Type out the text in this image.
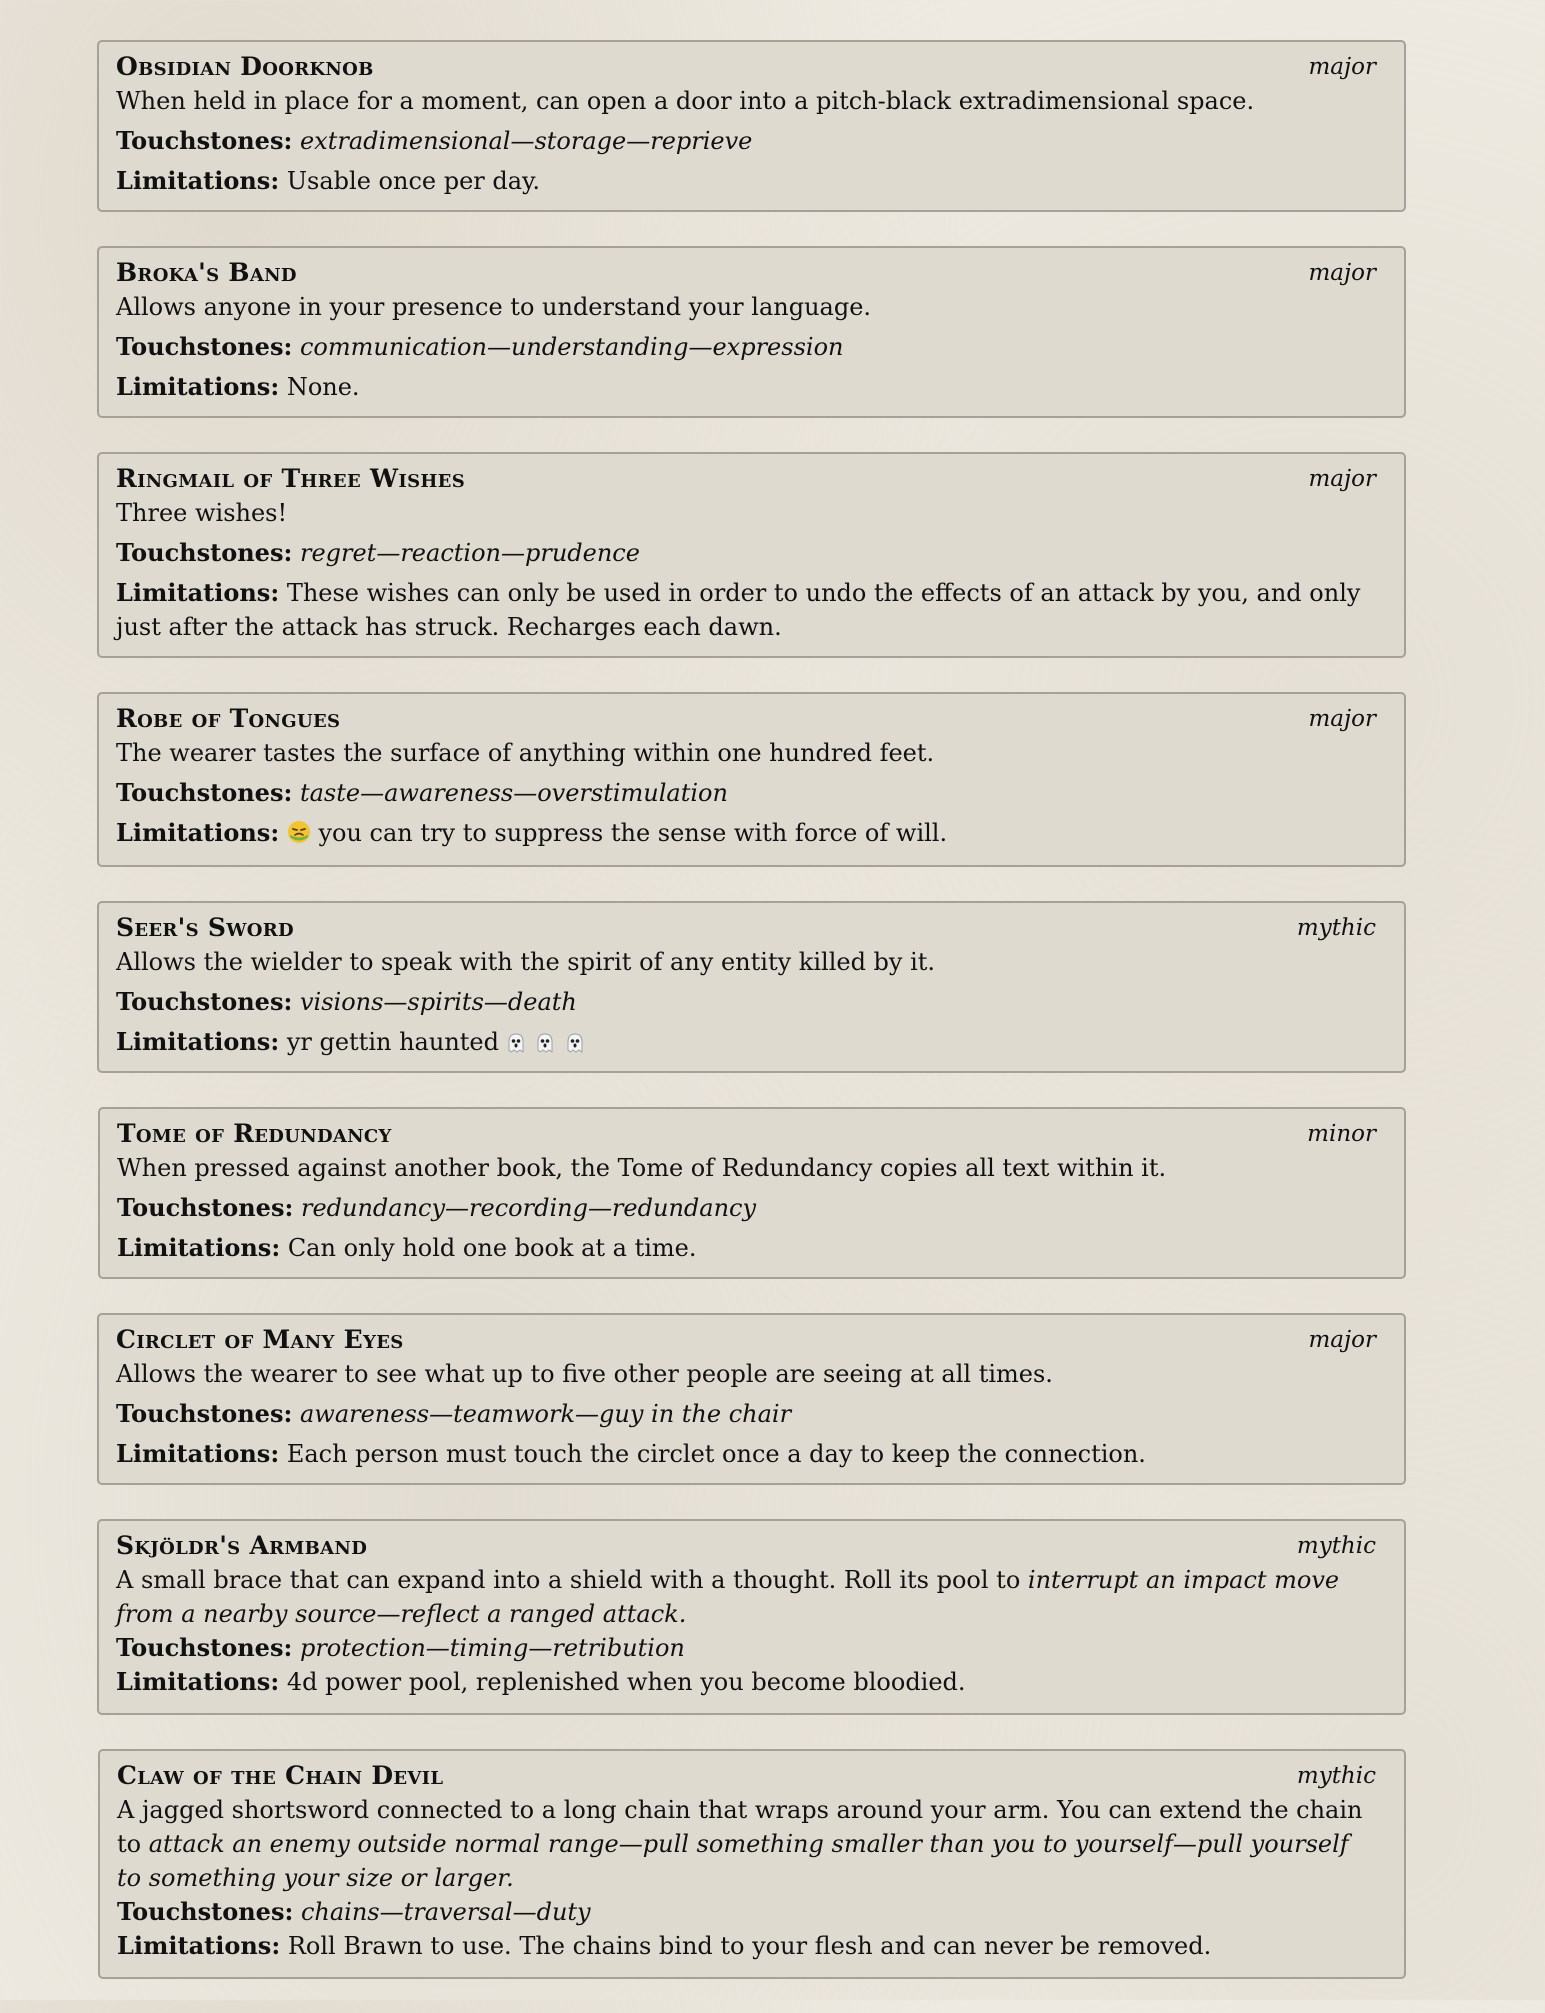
Obsidian Doorknob	major
When held in place for a moment, can open a door into a pitch-black extradimensional space.
Touchstones: extradimensional—storage—reprieve
Limitations: Usable once per day.
Broka's Band	major
Allows anyone in your presence to understand your language.
Touchstones: communication—understanding—expression
Limitations: None.
Ringmail of Three Wishes	major
Three wishes!
Touchstones: regret—reaction—prudence
Limitations: These wishes can only be used in order to undo the effects of an attack by you, and only just after the attack has struck. Recharges each dawn.
Robe of Tongues	major
The wearer tastes the surface of anything within one hundred feet.
Touchstones: taste—awareness—overstimulation
Limitations: you can try to suppress the sense with force of will.
Seer's Sword	mythic
Allows the wielder to speak with the spirit of any entity killed by it.
Touchstones: visions—spirits—death
Limitations: yr gettin haunted
Tome of Redundancy	minor
When pressed against another book, the Tome of Redundancy copies all text within it.
Touchstones: redundancy—recording—redundancy
Limitations: Can only hold one book at a time.
Circlet of Many Eyes	major
Allows the wearer to see what up to five other people are seeing at all times.
Touchstones: awareness—teamwork—guy in the chair
Limitations: Each person must touch the circlet once a day to keep the connection.
Skjöldr's Armband	mythic
A small brace that can expand into a shield with a thought. Roll its pool to interrupt an impact move from a nearby source—reflect a ranged attack.
Touchstones: protection—timing—retribution
Limitations: 4d power pool, replenished when you become bloodied.
Claw of the Chain Devil	mythic
A jagged shortsword connected to a long chain that wraps around your arm. You can extend the chain to attack an enemy outside normal range—pull something smaller than you to yourself—pull yourself to something your size or larger.
Touchstones: chains—traversal—duty
Limitations: Roll Brawn to use. The chains bind to your flesh and can never be removed.
